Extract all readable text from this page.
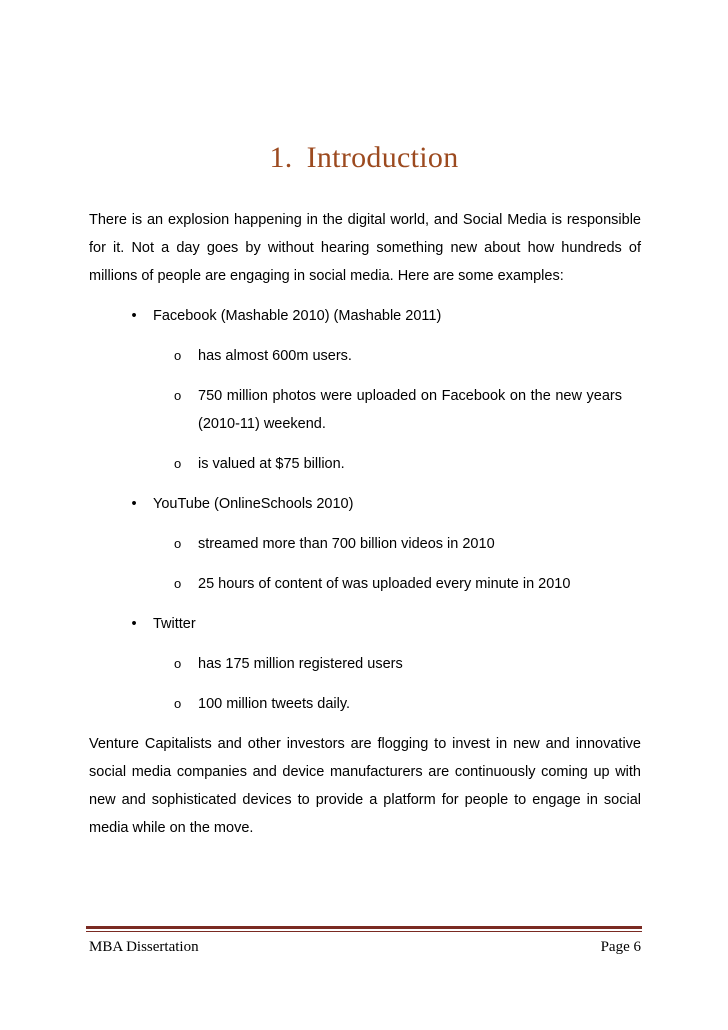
1. Introduction

There is an explosion happening in the digital world, and Social Media is responsible for it. Not a day goes by without hearing something new about how hundreds of millions of people are engaging in social media. Here are some examples:

• Facebook (Mashable 2010) (Mashable 2011)
o has almost 600m users.
o 750 million photos were uploaded on Facebook on the new years (2010-11) weekend.
o is valued at $75 billion.
• YouTube (OnlineSchools 2010)
o streamed more than 700 billion videos in 2010
o 25 hours of content of was uploaded every minute in 2010
• Twitter
o has 175 million registered users
o 100 million tweets daily.

Venture Capitalists and other investors are flogging to invest in new and innovative social media companies and device manufacturers are continuously coming up with new and sophisticated devices to provide a platform for people to engage in social media while on the move.

MBA Dissertation	Page 6
